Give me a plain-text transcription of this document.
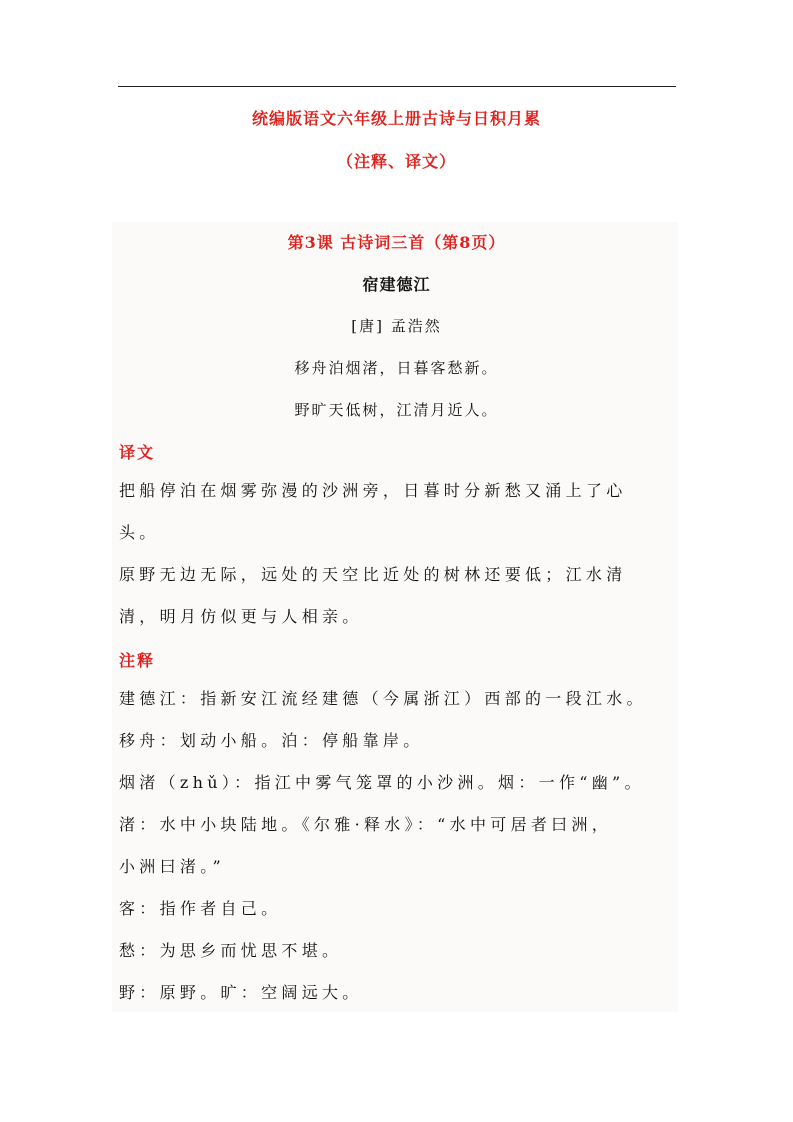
统编版语文六年级上册古诗与日积月累
（注释、译文）
第3课 古诗词三首（第8页）
宿建德江
[唐] 孟浩然
移舟泊烟渚，日暮客愁新。
野旷天低树，江清月近人。
译文

把船停泊在烟雾弥漫的沙洲旁，日暮时分新愁又涌上了心

头。

原野无边无际，远处的天空比近处的树林还要低；江水清

清，明月仿似更与人相亲。

注释

建德江：指新安江流经建德（今属浙江）西部的一段江水。

移舟：划动小船。泊：停船靠岸。

烟渚（zhǔ）：指江中雾气笼罩的小沙洲。烟：一作“幽”。

渚：水中小块陆地。《尔雅·释水》：“水中可居者曰洲，

小洲曰渚。”

客：指作者自己。

愁：为思乡而忧思不堪。

野：原野。旷：空阔远大。
